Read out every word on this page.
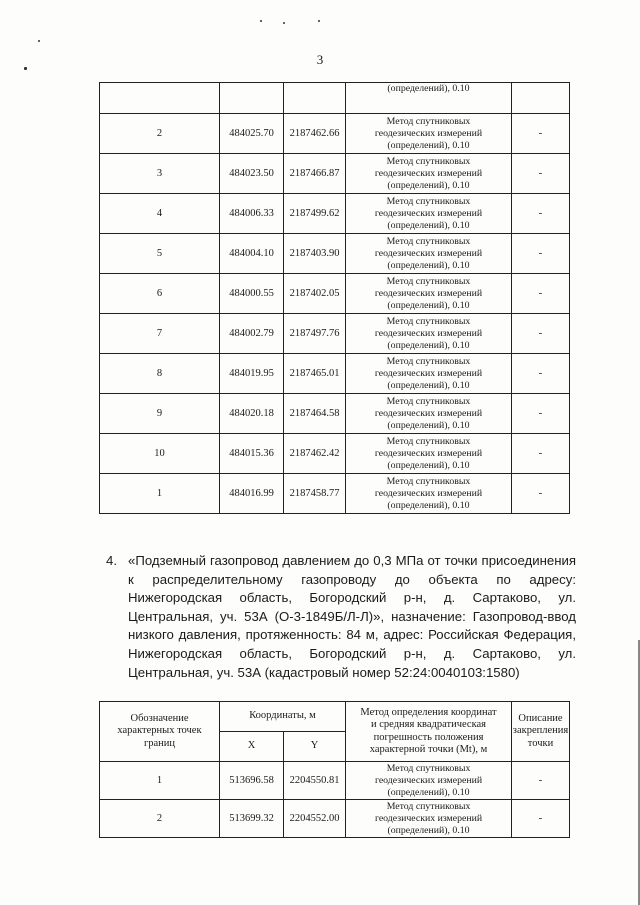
3
			(определений), 0.10	
2	484025.70	2187462.66	Метод спутниковых
геодезических измерений
(определений), 0.10	-
3	484023.50	2187466.87	Метод спутниковых
геодезических измерений
(определений), 0.10	-
4	484006.33	2187499.62	Метод спутниковых
геодезических измерений
(определений), 0.10	-
5	484004.10	2187403.90	Метод спутниковых
геодезических измерений
(определений), 0.10	-
6	484000.55	2187402.05	Метод спутниковых
геодезических измерений
(определений), 0.10	-
7	484002.79	2187497.76	Метод спутниковых
геодезических измерений
(определений), 0.10	-
8	484019.95	2187465.01	Метод спутниковых
геодезических измерений
(определений), 0.10	-
9	484020.18	2187464.58	Метод спутниковых
геодезических измерений
(определений), 0.10	-
10	484015.36	2187462.42	Метод спутниковых
геодезических измерений
(определений), 0.10	-
1	484016.99	2187458.77	Метод спутниковых
геодезических измерений
(определений), 0.10	-
4. «Подземный газопровод давлением до 0,3 МПа от точки присоединения к распределительному газопроводу до объекта по адресу: Нижегородская область, Богородский р-н, д. Сартаково, ул. Центральная, уч. 53А (О-3-1849Б/Л-Л)», назначение: Газопровод-ввод низкого давления, протяженность: 84 м, адрес: Российская Федерация, Нижегородская область, Богородский р-н, д. Сартаково, ул. Центральная, уч. 53А (кадастровый номер 52:24:0040103:1580)
Обозначение
характерных точек
границ	Координаты, м		Метод определения координат
и средняя квадратическая
погрешность положения
характерной точки (Mt), м	Описание
закрепления
точки
	X	Y		
1	513696.58	2204550.81	Метод спутниковых
геодезических измерений
(определений), 0.10	-
2	513699.32	2204552.00	Метод спутниковых
геодезических измерений
(определений), 0.10	-
